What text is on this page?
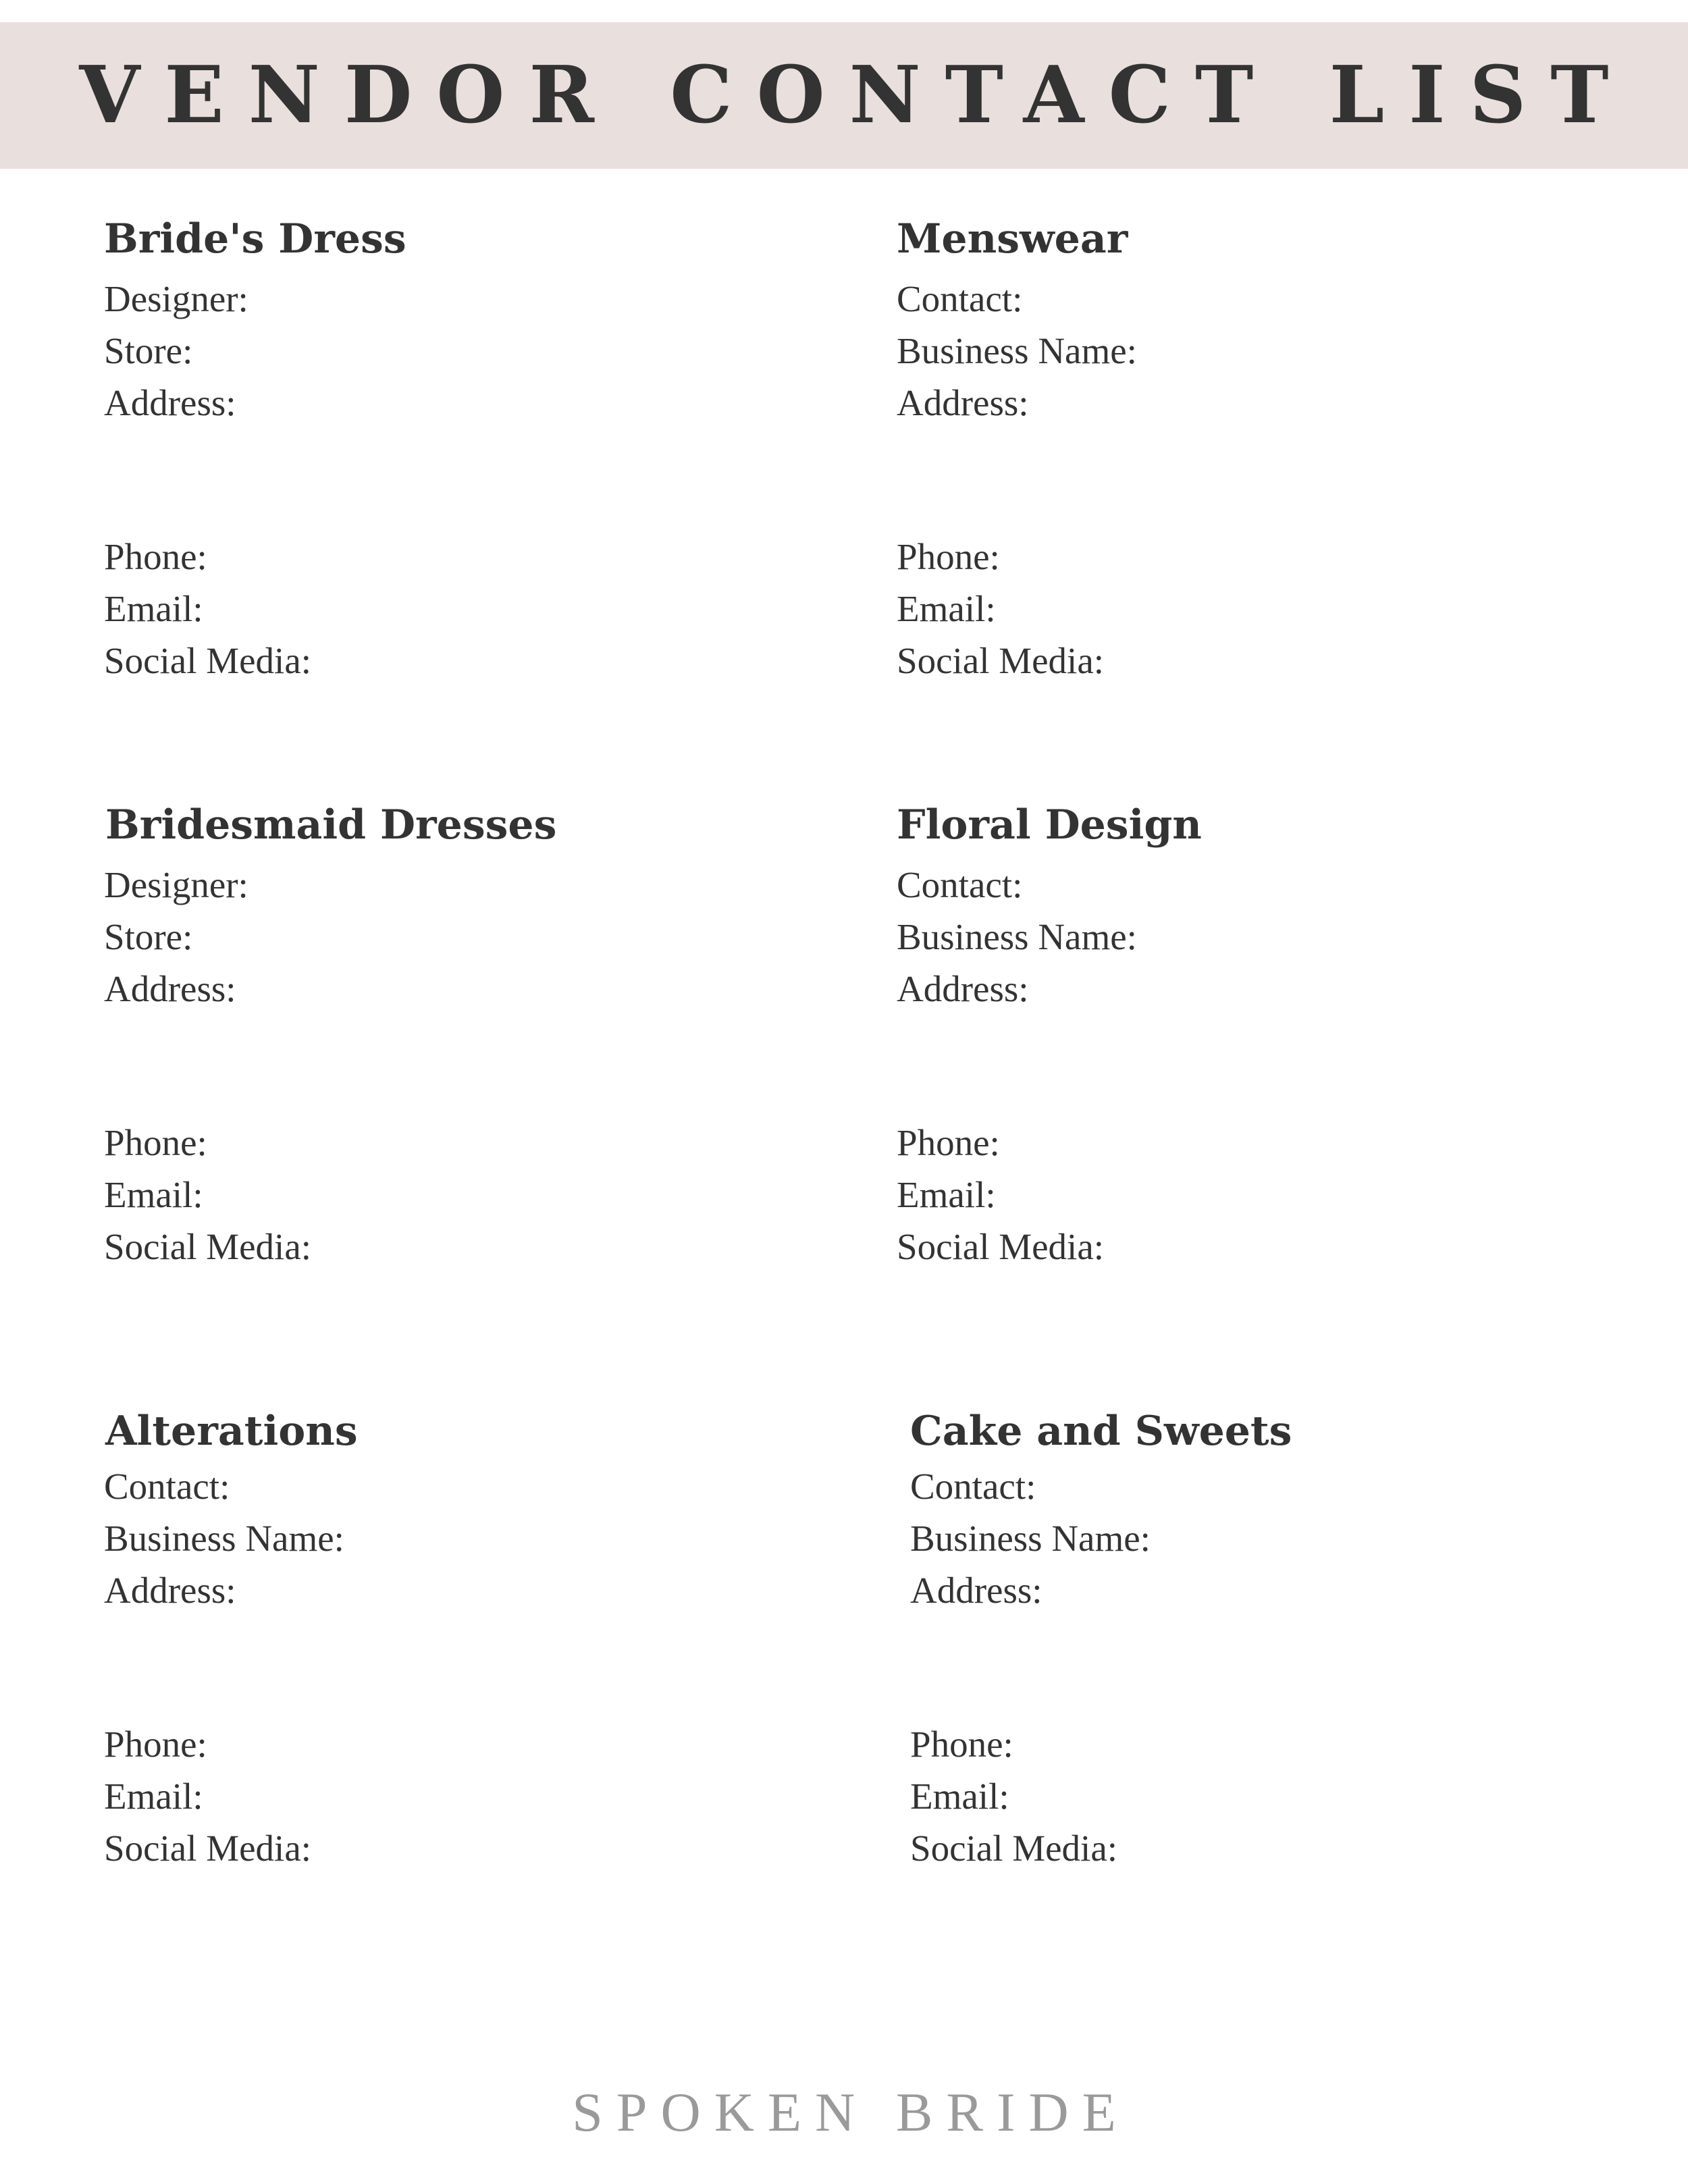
VENDOR CONTACT LIST
Bride's Dress
Designer:
Store:
Address:
Phone:
Email:
Social Media:
Menswear
Contact:
Business Name:
Address:
Phone:
Email:
Social Media:
Bridesmaid Dresses
Designer:
Store:
Address:
Phone:
Email:
Social Media:
Floral Design
Contact:
Business Name:
Address:
Phone:
Email:
Social Media:
Alterations
Contact:
Business Name:
Address:
Phone:
Email:
Social Media:
Cake and Sweets
Contact:
Business Name:
Address:
Phone:
Email:
Social Media:
SPOKEN BRIDE
